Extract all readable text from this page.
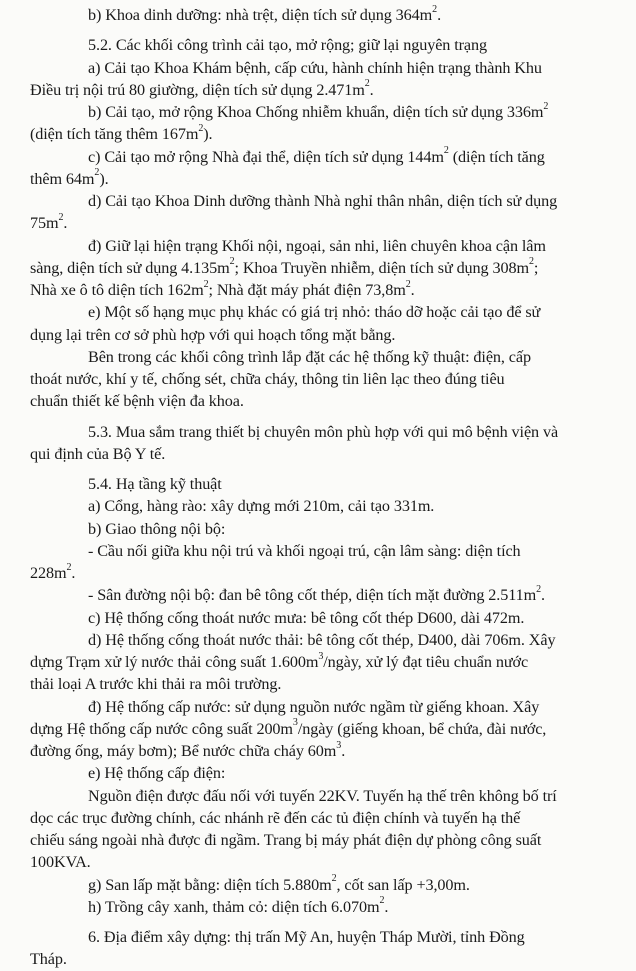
b) Khoa dinh dưỡng: nhà trệt, diện tích sử dụng $364m^2$.
5.2. Các khối công trình cải tạo, mở rộng; giữ lại nguyên trạng
a) Cải tạo Khoa Khám bệnh, cấp cứu, hành chính hiện trạng thành Khu
Điều trị nội trú 80 giường, diện tích sử dụng $2.471m^2$.
b) Cải tạo, mở rộng Khoa Chống nhiễm khuẩn, diện tích sử dụng $336m^2$
(diện tích tăng thêm $167m^2$).
c) Cải tạo mở rộng Nhà đại thể, diện tích sử dụng $144m^2$ (diện tích tăng
thêm $64m^2$).
d) Cải tạo Khoa Dinh dưỡng thành Nhà nghỉ thân nhân, diện tích sử dụng
$75m^2$.
đ) Giữ lại hiện trạng Khối nội, ngoại, sản nhi, liên chuyên khoa cận lâm
sàng, diện tích sử dụng $4.135m^2$; Khoa Truyền nhiễm, diện tích sử dụng $308m^2$;
Nhà xe ô tô diện tích $162m^2$; Nhà đặt máy phát điện $73,8m^2$.
e) Một số hạng mục phụ khác có giá trị nhỏ: tháo dỡ hoặc cải tạo để sử
dụng lại trên cơ sở phù hợp với qui hoạch tổng mặt bằng.
Bên trong các khối công trình lắp đặt các hệ thống kỹ thuật: điện, cấp
thoát nước, khí y tế, chống sét, chữa cháy, thông tin liên lạc theo đúng tiêu
chuẩn thiết kế bệnh viện đa khoa.
5.3. Mua sắm trang thiết bị chuyên môn phù hợp với qui mô bệnh viện và
qui định của Bộ Y tế.
5.4. Hạ tầng kỹ thuật
a) Cổng, hàng rào: xây dựng mới 210m, cải tạo 331m.
b) Giao thông nội bộ:
- Cầu nối giữa khu nội trú và khối ngoại trú, cận lâm sàng: diện tích
$228m^2$.
- Sân đường nội bộ: đan bê tông cốt thép, diện tích mặt đường $2.511m^2$.
c) Hệ thống cống thoát nước mưa: bê tông cốt thép D600, dài 472m.
d) Hệ thống cống thoát nước thải: bê tông cốt thép, D400, dài 706m. Xây
dựng Trạm xử lý nước thải công suất $1.600m^3$/ngày, xử lý đạt tiêu chuẩn nước
thải loại A trước khi thải ra môi trường.
đ) Hệ thống cấp nước: sử dụng nguồn nước ngầm từ giếng khoan. Xây
dựng Hệ thống cấp nước công suất $200m^3$/ngày (giếng khoan, bể chứa, đài nước,
đường ống, máy bơm); Bể nước chữa cháy $60m^3$.
e) Hệ thống cấp điện:
Nguồn điện được đấu nối với tuyến 22KV. Tuyến hạ thế trên không bố trí
dọc các trục đường chính, các nhánh rẽ đến các tủ điện chính và tuyến hạ thế
chiếu sáng ngoài nhà được đi ngầm. Trang bị máy phát điện dự phòng công suất
100KVA.
g) San lấp mặt bằng: diện tích $5.880m^2$, cốt san lấp +3,00m.
h) Trồng cây xanh, thảm cỏ: diện tích $6.070m^2$.
6. Địa điểm xây dựng: thị trấn Mỹ An, huyện Tháp Mười, tỉnh Đồng
Tháp.
